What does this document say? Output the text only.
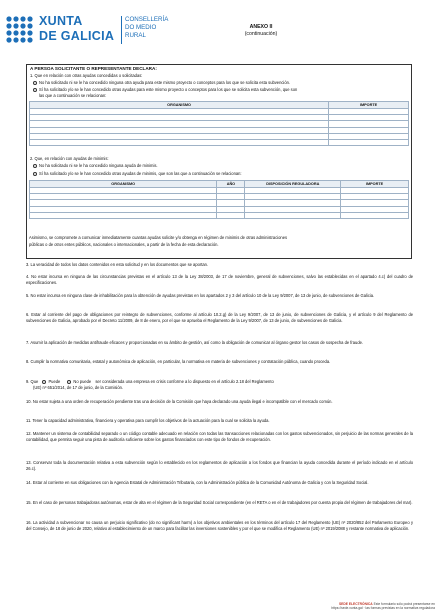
XUNTA
DE GALICIA
CONSELLERÍA
DO MEDIO
RURAL
ANEXO II
(continuación)
A PERSOA SOLICITANTE O REPRESENTANTE DECLARA:
1. Que en relación con otras ayudas concedidas o solicitadas:
No ha solicitado ni se le ha concedido ninguna otra ayuda para este mismo proyecto o conceptos para los que se solicita esta subvención.
Sí ha solicitado y/o se le han concedido otras ayudas para este mismo proyecto o conceptos para los que se solicita esta subvención, que son
las que a continuación se relacionan:
ORGANISMO	IMPORTE

2. Que, en relación con ayudas de minimis:
No ha solicitado ni se le ha concedido ninguna ayuda de minimis.
Sí ha solicitado y/o se le han concedido otras ayudas de minimis, que son las que a continuación se relacionan:
ORGANISMO	AÑO	DISPOSICIÓN REGULADORA	IMPORTE

Asimismo, se compromete a comunicar inmediatamente cuantas ayudas solicite y/o obtenga en régimen de minimis de otras administraciones
públicas o de otros entes públicos, nacionales o internacionales, a partir de la fecha de esta declaración.
3. La veracidad de todos los datos contenidos en esta solicitud y en los documentos que se aportan.
4. No estar incursa en ninguna de las circunstancias previstas en el artículo 13 de la Ley 38/2003, de 17 de noviembre, general de subvenciones, salvo las establecidas en el apartado 4.c) del cuadro de especificaciones.
5. No estar incursa en ninguna clase de inhabilitación para la obtención de ayudas previstas en los apartados 2 y 3 del artículo 10 de la Ley 9/2007, de 13 de junio, de subvenciones de Galicia.
6. Estar al corriente del pago de obligaciones por reintegro de subvenciones, conforme al artículo 10.2.g) de la Ley 9/2007, de 13 de junio, de subvenciones de Galicia, y el artículo 9 del Reglamento de subvenciones de Galicia, aprobado por el Decreto 11/2009, de 8 de enero, por el que se aprueba el Reglamento de la Ley 9/2007, de 13 de junio, de subvenciones de Galicia.
7. Asumir la aplicación de medidas antifraude eficaces y proporcionadas en su ámbito de gestión, así como la obligación de comunicar al órgano gestor los casos de sospecha de fraude.
8. Cumplir la normativa comunitaria, estatal y autonómica de aplicación, en particular, la normativa en materia de subvenciones y contratación pública, cuando proceda.
9. Que Puede	No puede ser considerada una empresa en crisis conforme a lo dispuesto en el artículo 2.18 del Reglamento
(UE) nº 651/2014, de 17 de junio, de la Comisión.
10. No estar sujeta a una orden de recuperación pendiente tras una decisión de la Comisión que haya declarado una ayuda ilegal e incompatible con el mercado común.
11. Tener la capacidad administrativa, financiera y operativa para cumplir los objetivos de la actuación para la cual se solicita la ayuda.
12. Mantener un sistema de contabilidad separado o un código contable adecuado en relación con todas las transacciones relacionadas con los gastos subvencionados, sin perjuicio de las normas generales de la contabilidad, que permita seguir una pista de auditoría suficiente sobre los gastos financiados con este tipo de fondos de recuperación.
13. Conservar toda la documentación relativa a esta subvención según lo establecido en los reglamentos de aplicación a los fondos que financian la ayuda concedida durante el período indicado en el artículo 26.c).
14. Estar al corriente en sus obligaciones con la Agencia Estatal de Administración Tributaria, con la Administración pública de la Comunidad Autónoma de Galicia y con la Seguridad Social.
15. En el caso de personas trabajadoras autónomas, estar de alta en el régimen de la Seguridad Social correspondiente (en el RETA o en el de trabajadores por cuenta propia del régimen de trabajadores del mar).
16. La actividad a subvencionar no causa un perjuicio significativo (do no significant harm) a los objetivos ambientales en los términos del artículo 17 del Reglamento (UE) nº 2020/852 del Parlamento Europeo y del Consejo, de 18 de junio de 2020, relativo al establecimiento de un marco para facilitar las inversiones sostenibles y por el que se modifica el Reglamento (UE) nº 2019/2088 y restante normativa de aplicación.
SEDE ELECTRÓNICA Este formulario sólo podrá presentarse en
https://sede.xunta.gal · las formas previstas en la normativa reguladora
